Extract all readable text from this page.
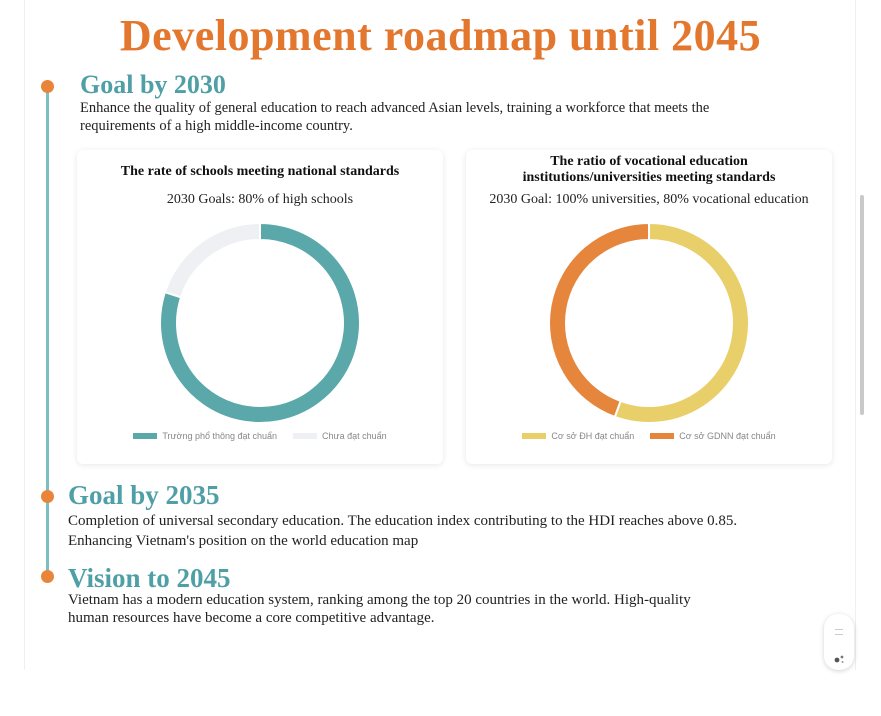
Development roadmap until 2045
Goal by 2030
Enhance the quality of general education to reach advanced Asian levels, training a workforce that meets the
requirements of a high middle-income country.
The rate of schools meeting national standards
2030 Goals: 80% of high schools
Trường phổ thông đạt chuẩn	Chưa đạt chuẩn
The ratio of vocational education
institutions/universities meeting standards
2030 Goal: 100% universities, 80% vocational education
Cơ sở ĐH đạt chuẩn	Cơ sở GDNN đạt chuẩn
Goal by 2035
Completion of universal secondary education. The education index contributing to the HDI reaches above 0.85.
Enhancing Vietnam's position on the world education map
Vision to 2045
Vietnam has a modern education system, ranking among the top 20 countries in the world. High-quality
human resources have become a core competitive advantage.
